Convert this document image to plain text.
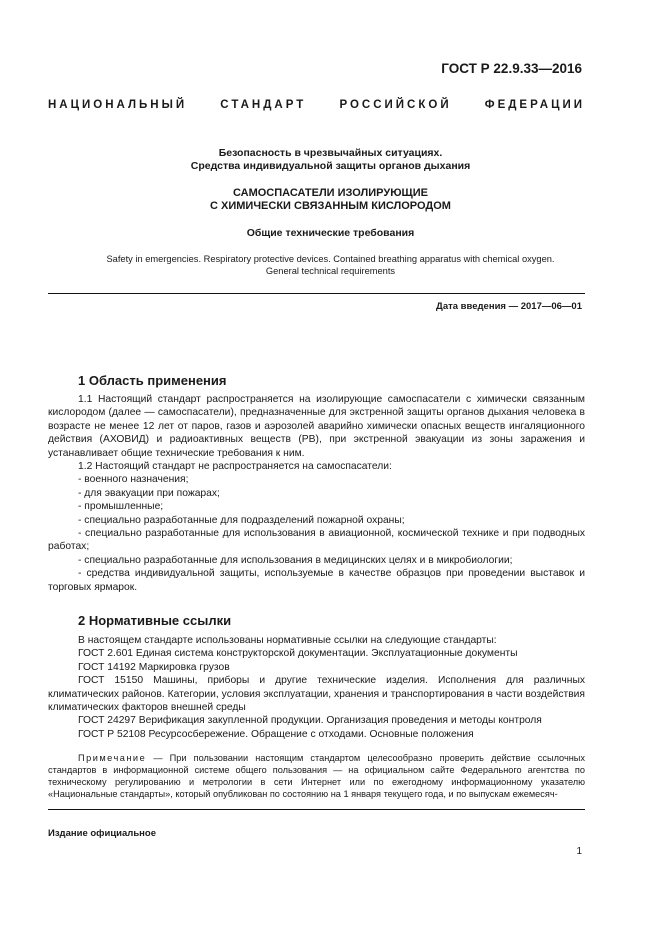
ГОСТ Р 22.9.33—2016
НАЦИОНАЛЬНЫЙ СТАНДАРТ РОССИЙСКОЙ ФЕДЕРАЦИИ
Безопасность в чрезвычайных ситуациях.
Средства индивидуальной защиты органов дыхания
САМОСПАСАТЕЛИ ИЗОЛИРУЮЩИЕ
С ХИМИЧЕСКИ СВЯЗАННЫМ КИСЛОРОДОМ
Общие технические требования
Safety in emergencies. Respiratory protective devices. Contained breathing apparatus with chemical oxygen.
General technical requirements
Дата введения — 2017—06—01
1 Область применения

1.1 Настоящий стандарт распространяется на изолирующие самоспасатели с химически связанным кислородом (далее — самоспасатели), предназначенные для экстренной защиты органов дыхания человека в возрасте не менее 12 лет от паров, газов и аэрозолей аварийно химически опасных веществ ингаляционного действия (АХОВИД) и радиоактивных веществ (РВ), при экстренной эвакуации из зоны заражения и устанавливает общие технические требования к ним.

1.2 Настоящий стандарт не распространяется на самоспасатели:

- военного назначения;
- для эвакуации при пожарах;
- промышленные;
- специально разработанные для подразделений пожарной охраны;
- специально разработанные для использования в авиационной, космической технике и при подводных работах;
- специально разработанные для использования в медицинских целях и в микробиологии;
- средства индивидуальной защиты, используемые в качестве образцов при проведении выставок и торговых ярмарок.
2 Нормативные ссылки

В настоящем стандарте использованы нормативные ссылки на следующие стандарты:

ГОСТ 2.601 Единая система конструкторской документации. Эксплуатационные документы

ГОСТ 14192 Маркировка грузов

ГОСТ 15150 Машины, приборы и другие технические изделия. Исполнения для различных климатических районов. Категории, условия эксплуатации, хранения и транспортирования в части воздействия климатических факторов внешней среды

ГОСТ 24297 Верификация закупленной продукции. Организация проведения и методы контроля

ГОСТ Р 52108 Ресурсосбережение. Обращение с отходами. Основные положения

Примечание — При пользовании настоящим стандартом целесообразно проверить действие ссылочных стандартов в информационной системе общего пользования — на официальном сайте Федерального агентства по техническому регулированию и метрологии в сети Интернет или по ежегодному информационному указателю «Национальные стандарты», который опубликован по состоянию на 1 января текущего года, и по выпускам ежемесяч-
Издание официальное
1
